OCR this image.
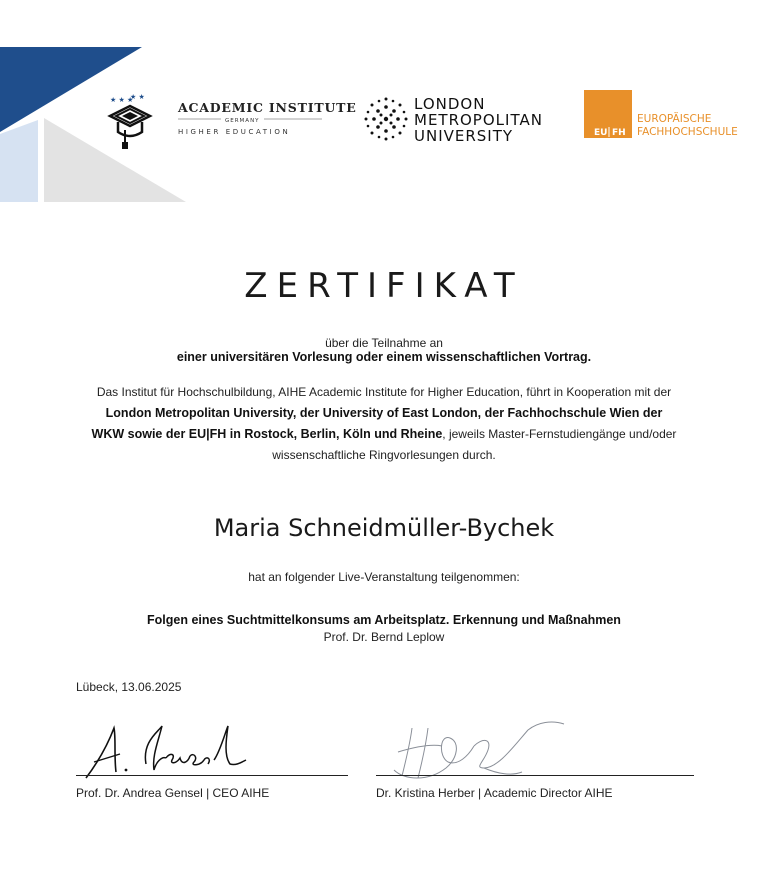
★ ★ ★
★ ★
ACADEMIC INSTITUTE
GERMANY
HIGHER EDUCATION
LONDON
METROPOLITAN
UNIVERSITY	EU FH
EUROPÄISCHE
FACHHOCHSCHULE
ZERTIFIKAT
über die Teilnahme an
einer universitären Vorlesung oder einem wissenschaftlichen Vortrag.
Das Institut für Hochschulbildung, AIHE Academic Institute for Higher Education, führt in Kooperation mit der London Metropolitan University, der University of East London, der Fachhochschule Wien der WKW sowie der EU|FH in Rostock, Berlin, Köln und Rheine, jeweils Master-Fernstudiengänge und/oder wissenschaftliche Ringvorlesungen durch.
Maria Schneidmüller-Bychek
hat an folgender Live-Veranstaltung teilgenommen:
Folgen eines Suchtmittelkonsums am Arbeitsplatz. Erkennung und Maßnahmen
Prof. Dr. Bernd Leplow
Lübeck, 13.06.2025
Prof. Dr. Andrea Gensel | CEO AIHE	Dr. Kristina Herber | Academic Director AIHE
